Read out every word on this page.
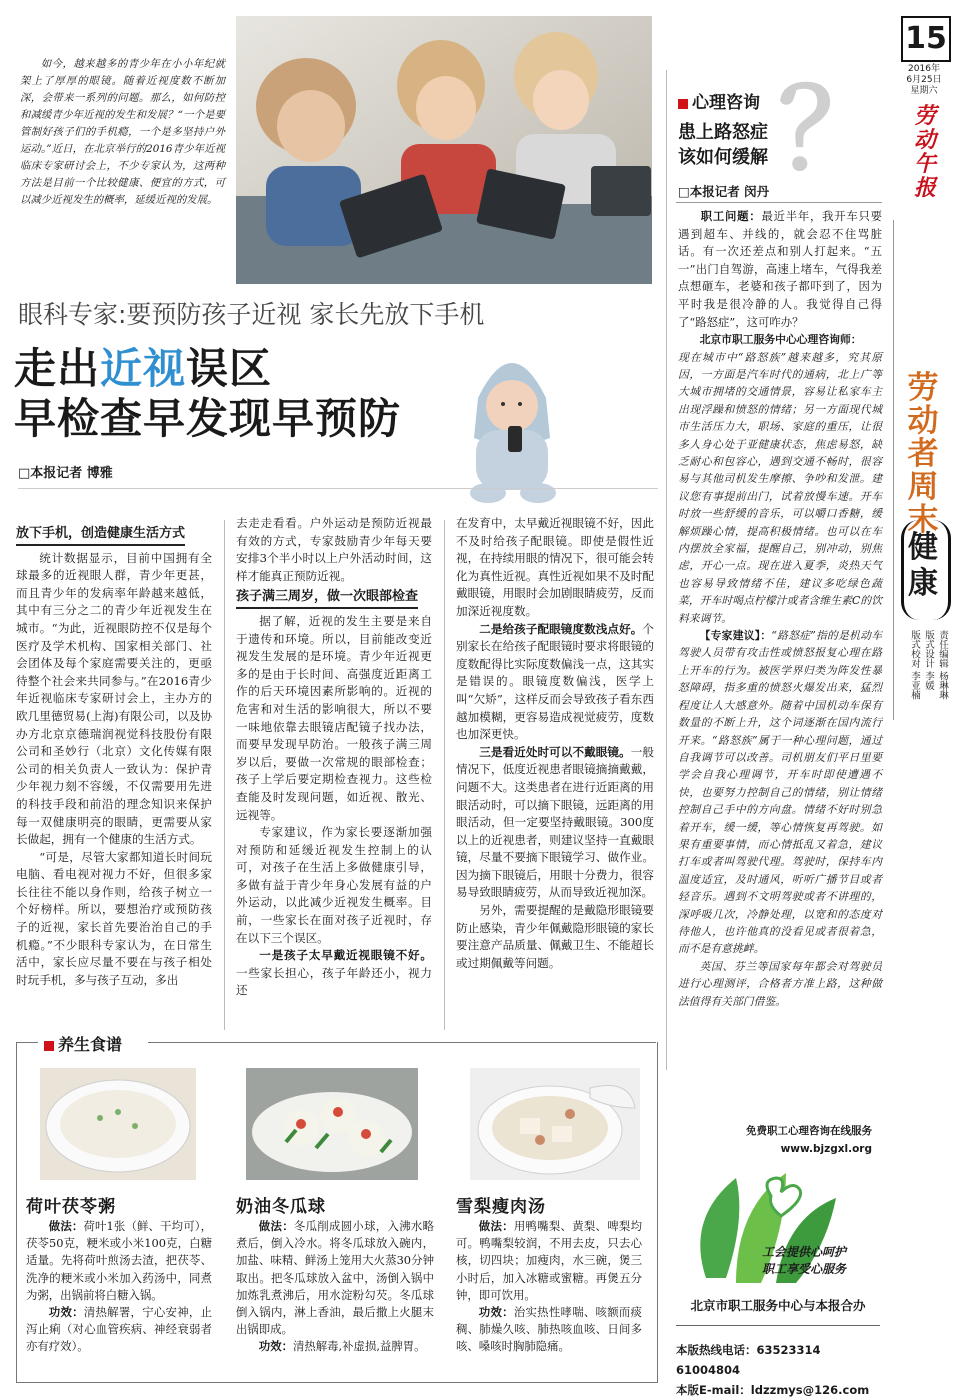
15
2016年
6月25日
星期六
劳动午报
劳动者周末
健康
责任编辑 杨琳琳
版式设计 李媛
版式校对 李亚楠
如今，越来越多的青少年在小小年纪就架上了厚厚的眼镜。随着近视度数不断加深，会带来一系列的问题。那么，如何防控和减缓青少年近视的发生和发展？“一个是要管制好孩子们的手机瘾，一个是多坚持户外运动。”近日，在北京举行的2016青少年近视临床专家研讨会上，不少专家认为，这两种方法是目前一个比较健康、便宜的方式，可以减少近视发生的概率，延缓近视的发展。
眼科专家:要预防孩子近视 家长先放下手机
走出近视误区
早检查早发现早预防
□本报记者 博雅
放下手机，创造健康生活方式

统计数据显示，目前中国拥有全球最多的近视眼人群，青少年更甚，而且青少年的发病率年龄越来越低，其中有三分之二的青少年近视发生在城市。“为此，近视眼防控不仅是每个医疗及学术机构、国家相关部门、社会团体及每个家庭需要关注的，更亟待整个社会来共同参与。”在2016青少年近视临床专家研讨会上，主办方的欧几里德贸易(上海)有限公司，以及协办方北京京德瑞润视觉科技股份有限公司和圣妙行（北京）文化传媒有限公司的相关负责人一致认为：保护青少年视力刻不容缓，不仅需要用先进的科技手段和前沿的理念知识来保护每一双健康明亮的眼睛，更需要从家长做起，拥有一个健康的生活方式。

“可是，尽管大家都知道长时间玩电脑、看电视对视力不好，但很多家长往往不能以身作则，给孩子树立一个好榜样。所以，要想治疗或预防孩子的近视，家长首先要治治自己的手机瘾。”不少眼科专家认为，在日常生活中，家长应尽量不要在与孩子相处时玩手机，多与孩子互动，多出

去走走看看。户外运动是预防近视最有效的方式，专家鼓励青少年每天要安排3个半小时以上户外活动时间，这样才能真正预防近视。

孩子满三周岁，做一次眼部检查

据了解，近视的发生主要是来自于遗传和环境。所以，目前能改变近视发生发展的是环境。青少年近视更多的是由于长时间、高强度近距离工作的后天环境因素所影响的。近视的危害和对生活的影响很大，所以不要一味地依靠去眼镜店配镜子找办法，而要早发现早防治。一般孩子满三周岁以后，要做一次常规的眼部检查；孩子上学后要定期检查视力。这些检查能及时发现问题，如近视、散光、远视等。

专家建议，作为家长要逐渐加强对预防和延缓近视发生控制上的认可，对孩子在生活上多做健康引导，多做有益于青少年身心发展有益的户外运动，以此减少近视发生概率。目前，一些家长在面对孩子近视时，存在以下三个误区。

一是孩子太早戴近视眼镜不好。一些家长担心，孩子年龄还小，视力还

在发育中，太早戴近视眼镜不好，因此不及时给孩子配眼镜。即使是假性近视，在持续用眼的情况下，很可能会转化为真性近视。真性近视如果不及时配戴眼镜，用眼时会加剧眼睛疲劳，反而加深近视度数。

二是给孩子配眼镜度数浅点好。个别家长在给孩子配眼镜时要求将眼镜的度数配得比实际度数偏浅一点，这其实是错误的。眼镜度数偏浅，医学上叫“欠矫”，这样反而会导致孩子看东西越加模糊，更容易造成视觉疲劳，度数也加深更快。

三是看近处时可以不戴眼镜。一般情况下，低度近视患者眼镜摘摘戴戴，问题不大。这类患者在进行近距离的用眼活动时，可以摘下眼镜，远距离的用眼活动，但一定要坚持戴眼镜。300度以上的近视患者，则建议坚持一直戴眼镜，尽量不要摘下眼镜学习、做作业。因为摘下眼镜后，用眼十分费力，很容易导致眼睛疲劳，从而导致近视加深。

另外，需要提醒的是戴隐形眼镜要防止感染，青少年佩戴隐形眼镜的家长要注意产品质量、佩戴卫生、不能超长或过期佩戴等问题。

心理咨询 ？
患上路怒症
该如何缓解
□本报记者 闵丹

职工问题：最近半年，我开车只要遇到超车、并线的，就会忍不住骂脏话。有一次还差点和别人打起来。“五一”出门自驾游，高速上堵车，气得我差点想砸车，老婆和孩子都吓到了，因为平时我是很冷静的人。我觉得自己得了“路怒症”，这可咋办？

北京市职工服务中心心理咨询师：

现在城市中“路怒族”越来越多，究其原因，一方面是汽车时代的通病，北上广等大城市拥堵的交通情景，容易让私家车主出现浮躁和愤怒的情绪；另一方面现代城市生活压力大，职场、家庭的重压，让很多人身心处于亚健康状态，焦虑易怒，缺乏耐心和包容心，遇到交通不畅时，很容易与其他司机发生摩擦、争吵和发泄。建议您有事提前出门，试着放慢车速。开车时放一些舒缓的音乐，可以嚼口香糖，缓解烦躁心情，提高积极情绪。也可以在车内摆放全家福，提醒自己，别冲动，别焦虑，开心一点。现在进入夏季，炎热天气也容易导致情绪不佳，建议多吃绿色蔬菜，开车时喝点柠檬汁或者含维生素C的饮料来调节。

【专家建议】：“路怒症”指的是机动车驾驶人员带有攻击性或愤怒报复心理在路上开车的行为。被医学界归类为阵发性暴怒障碍，指多重的愤怒火爆发出来，猛烈程度让人大感意外。随着中国机动车保有数量的不断上升，这个词逐渐在国内流行开来。“路怒族”属于一种心理问题，通过自我调节可以改善。司机朋友们平日里要学会自我心理调节，开车时即使遭遇不快，也要努力控制自己的情绪，别让情绪控制自己手中的方向盘。情绪不好时别急着开车，缓一缓，等心情恢复再驾驶。如果有重要事情，而心情抵乱又着急，建议打车或者叫驾驶代理。驾驶时，保持车内温度适宜，及时通风，听听广播节目或者轻音乐。遇到不文明驾驶或者不讲理的，深呼吸几次，冷静处理，以宽和的态度对待他人，也许他真的没看见或者很着急，而不是有意挑衅。

英国、芬兰等国家每年都会对驾驶员进行心理测评，合格者方准上路，这种做法值得有关部门借鉴。

免费职工心理咨询在线服务
www.bjzgxl.org
工会提供心呵护
职工享受心服务
北京市职工服务中心与本报合办
本版热线电话：63523314 61004804
本版E-mail：ldzzmys@126.com
养生食谱
荷叶茯苓粥

做法：荷叶1张（鲜、干均可），茯苓50克，粳米或小米100克，白糖适量。先将荷叶煎汤去渣，把茯苓、洗净的粳米或小米加入药汤中，同煮为粥，出锅前将白糖入锅。

功效：清热解署，宁心安神，止泻止痢（对心血管疾病、神经衰弱者亦有疗效）。

奶油冬瓜球

做法：冬瓜削成圆小球，入沸水略煮后，倒入冷水。将冬瓜球放入碗内，加盐、味精、鲜汤上笼用大火蒸30分钟取出。把冬瓜球放入盆中，汤倒入锅中加炼乳煮沸后，用水淀粉勾芡。冬瓜球倒入锅内，淋上香油，最后撒上火腿末出锅即成。

功效：清热解毒,补虚损,益脾胃。

雪梨瘦肉汤

做法：用鸭嘴梨、黄梨、啤梨均可。鸭嘴梨较润，不用去皮，只去心核，切四块；加瘦肉，水三碗，煲三小时后，加入冰糖或蜜糖。再煲五分钟，即可饮用。

功效：治实热性哮喘、咳额而痰稠、肺燥久咳、肺热咳血咳、日间多咳、嗓咳时胸肺隐痛。
